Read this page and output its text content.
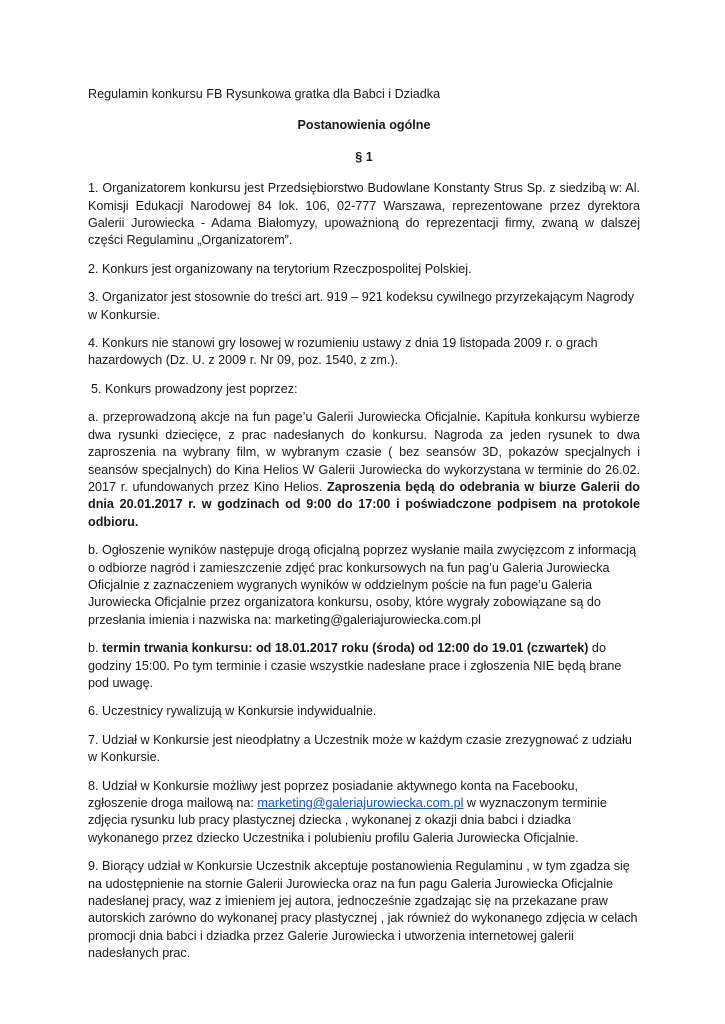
Regulamin konkursu FB Rysunkowa gratka dla Babci i Dziadka

Postanowienia ogólne

§ 1

1. Organizatorem konkursu jest Przedsiębiorstwo Budowlane Konstanty Strus Sp. z siedzibą w: Al. Komisji Edukacji Narodowej 84 lok. 106, 02-777 Warszawa, reprezentowane przez dyrektora Galerii Jurowiecka - Adama Białomyzy, upoważnioną do reprezentacji firmy, zwaną w dalszej części Regulaminu „Organizatorem”.

2. Konkurs jest organizowany na terytorium Rzeczpospolitej Polskiej.

3. Organizator jest stosownie do treści art. 919 – 921 kodeksu cywilnego przyrzekającym Nagrody w Konkursie.

4. Konkurs nie stanowi gry losowej w rozumieniu ustawy z dnia 19 listopada 2009 r. o grach hazardowych (Dz. U. z 2009 r. Nr 09, poz. 1540, z zm.).

5. Konkurs prowadzony jest poprzez:

a. przeprowadzoną akcje na fun page’u Galerii Jurowiecka Oficjalnie. Kapituła konkursu wybierze dwa rysunki dziecięce, z prac nadesłanych do konkursu. Nagroda za jeden rysunek to dwa zaproszenia na wybrany film, w wybranym czasie ( bez seansów 3D, pokazów specjalnych i seansów specjalnych) do Kina Helios W Galerii Jurowiecka do wykorzystana w terminie do 26.02. 2017 r. ufundowanych przez Kino Helios. Zaproszenia będą do odebrania w biurze Galerii do dnia 20.01.2017 r. w godzinach od 9:00 do 17:00 i poświadczone podpisem na protokole odbioru.

b. Ogłoszenie wyników następuje drogą oficjalną poprzez wysłanie maila zwycięzcom z informacją o odbiorze nagród i zamieszczenie zdjęć prac konkursowych na fun pag’u Galeria Jurowiecka Oficjalnie z zaznaczeniem wygranych wyników w oddzielnym poście na fun page’u Galeria Jurowiecka Oficjalnie przez organizatora konkursu, osoby, które wygrały zobowiązane są do przesłania imienia i nazwiska na: marketing@galeriajurowiecka.com.pl

b. termin trwania konkursu: od 18.01.2017 roku (środa) od 12:00 do 19.01 (czwartek) do godziny 15:00. Po tym terminie i czasie wszystkie nadesłane prace i zgłoszenia NIE będą brane pod uwagę.

6. Uczestnicy rywalizują w Konkursie indywidualnie.

7. Udział w Konkursie jest nieodpłatny a Uczestnik może w każdym czasie zrezygnować z udziału w Konkursie.

8. Udział w Konkursie możliwy jest poprzez posiadanie aktywnego konta na Facebooku, zgłoszenie droga mailową na: marketing@galeriajurowiecka.com.pl w wyznaczonym terminie zdjęcia rysunku lub pracy plastycznej dziecka , wykonanej z okazji dnia babci i dziadka wykonanego przez dziecko Uczestnika i polubieniu profilu Galeria Jurowiecka Oficjalnie.

9. Biorący udział w Konkursie Uczestnik akceptuje postanowienia Regulaminu , w tym zgadza się na udostępnienie na stornie Galerii Jurowiecka oraz na fun pagu Galeria Jurowiecka Oficjalnie nadesłanej pracy, waz z imieniem jej autora, jednocześnie zgadzając się na przekazane praw autorskich zarówno do wykonanej pracy plastycznej , jak również do wykonanego zdjęcia w celach promocji dnia babci i dziadka przez Galerie Jurowiecka i utworzenia internetowej galerii nadesłanych prac.
